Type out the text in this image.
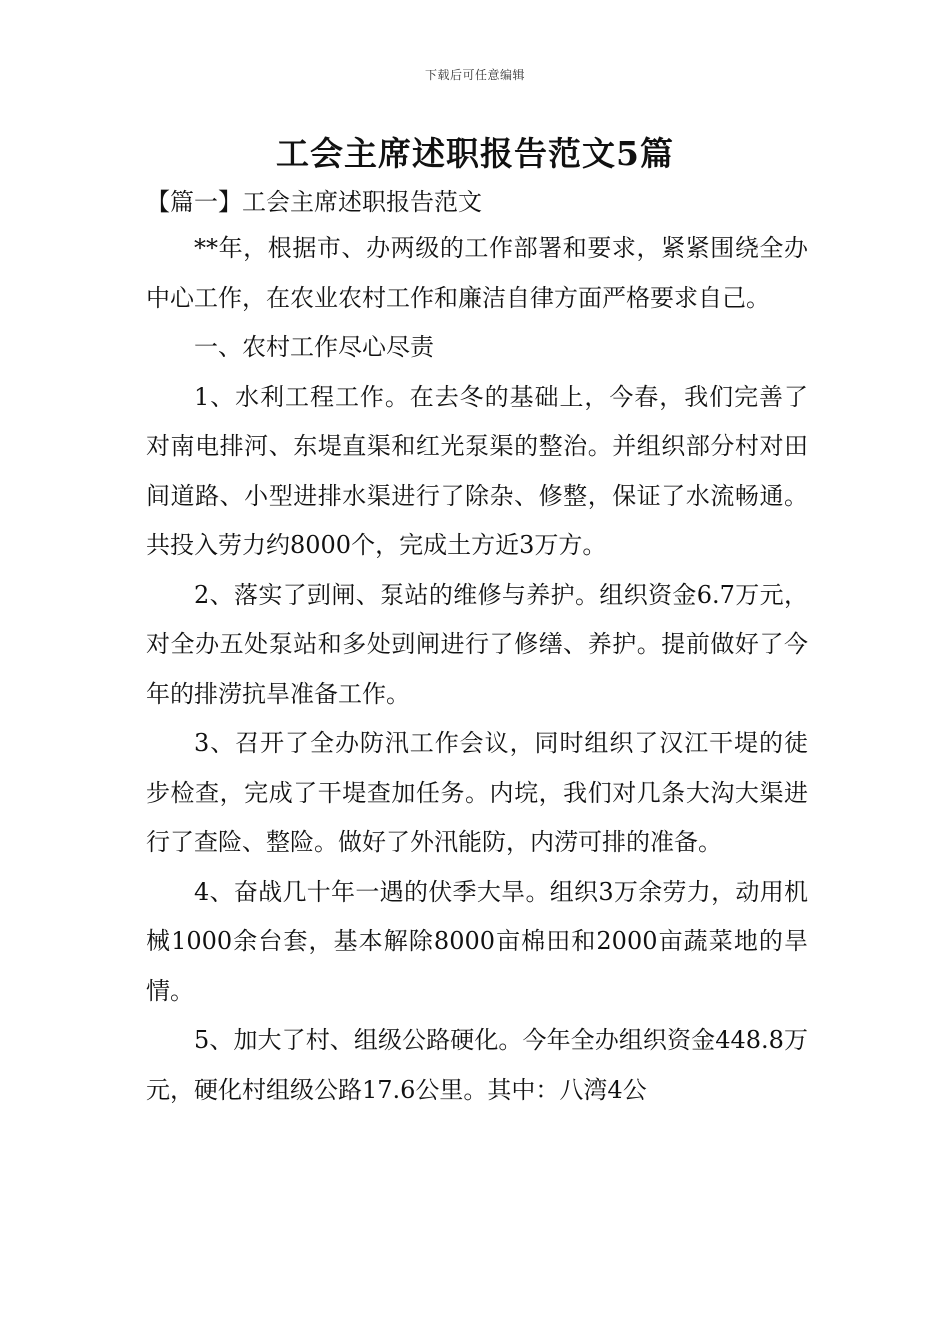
下载后可任意编辑
工会主席述职报告范文5篇
【篇一】工会主席述职报告范文

**年，根据市、办两级的工作部署和要求，紧紧围绕全办中心工作，在农业农村工作和廉洁自律方面严格要求自己。

一、农村工作尽心尽责

1、水利工程工作。在去冬的基础上，今春，我们完善了对南电排河、东堤直渠和红光泵渠的整治。并组织部分村对田间道路、小型进排水渠进行了除杂、修整，保证了水流畅通。共投入劳力约8000个，完成土方近3万方。

2、落实了剅闸、泵站的维修与养护。组织资金6.7万元，对全办五处泵站和多处剅闸进行了修缮、养护。提前做好了今年的排涝抗旱准备工作。

3、召开了全办防汛工作会议，同时组织了汉江干堤的徒步检查，完成了干堤查加任务。内垸，我们对几条大沟大渠进行了查险、整险。做好了外汛能防，内涝可排的准备。

4、奋战几十年一遇的伏季大旱。组织3万余劳力，动用机械1000余台套，基本解除8000亩棉田和2000亩蔬菜地的旱情。

5、加大了村、组级公路硬化。今年全办组织资金448.8万元，硬化村组级公路17.6公里。其中：八湾4公
